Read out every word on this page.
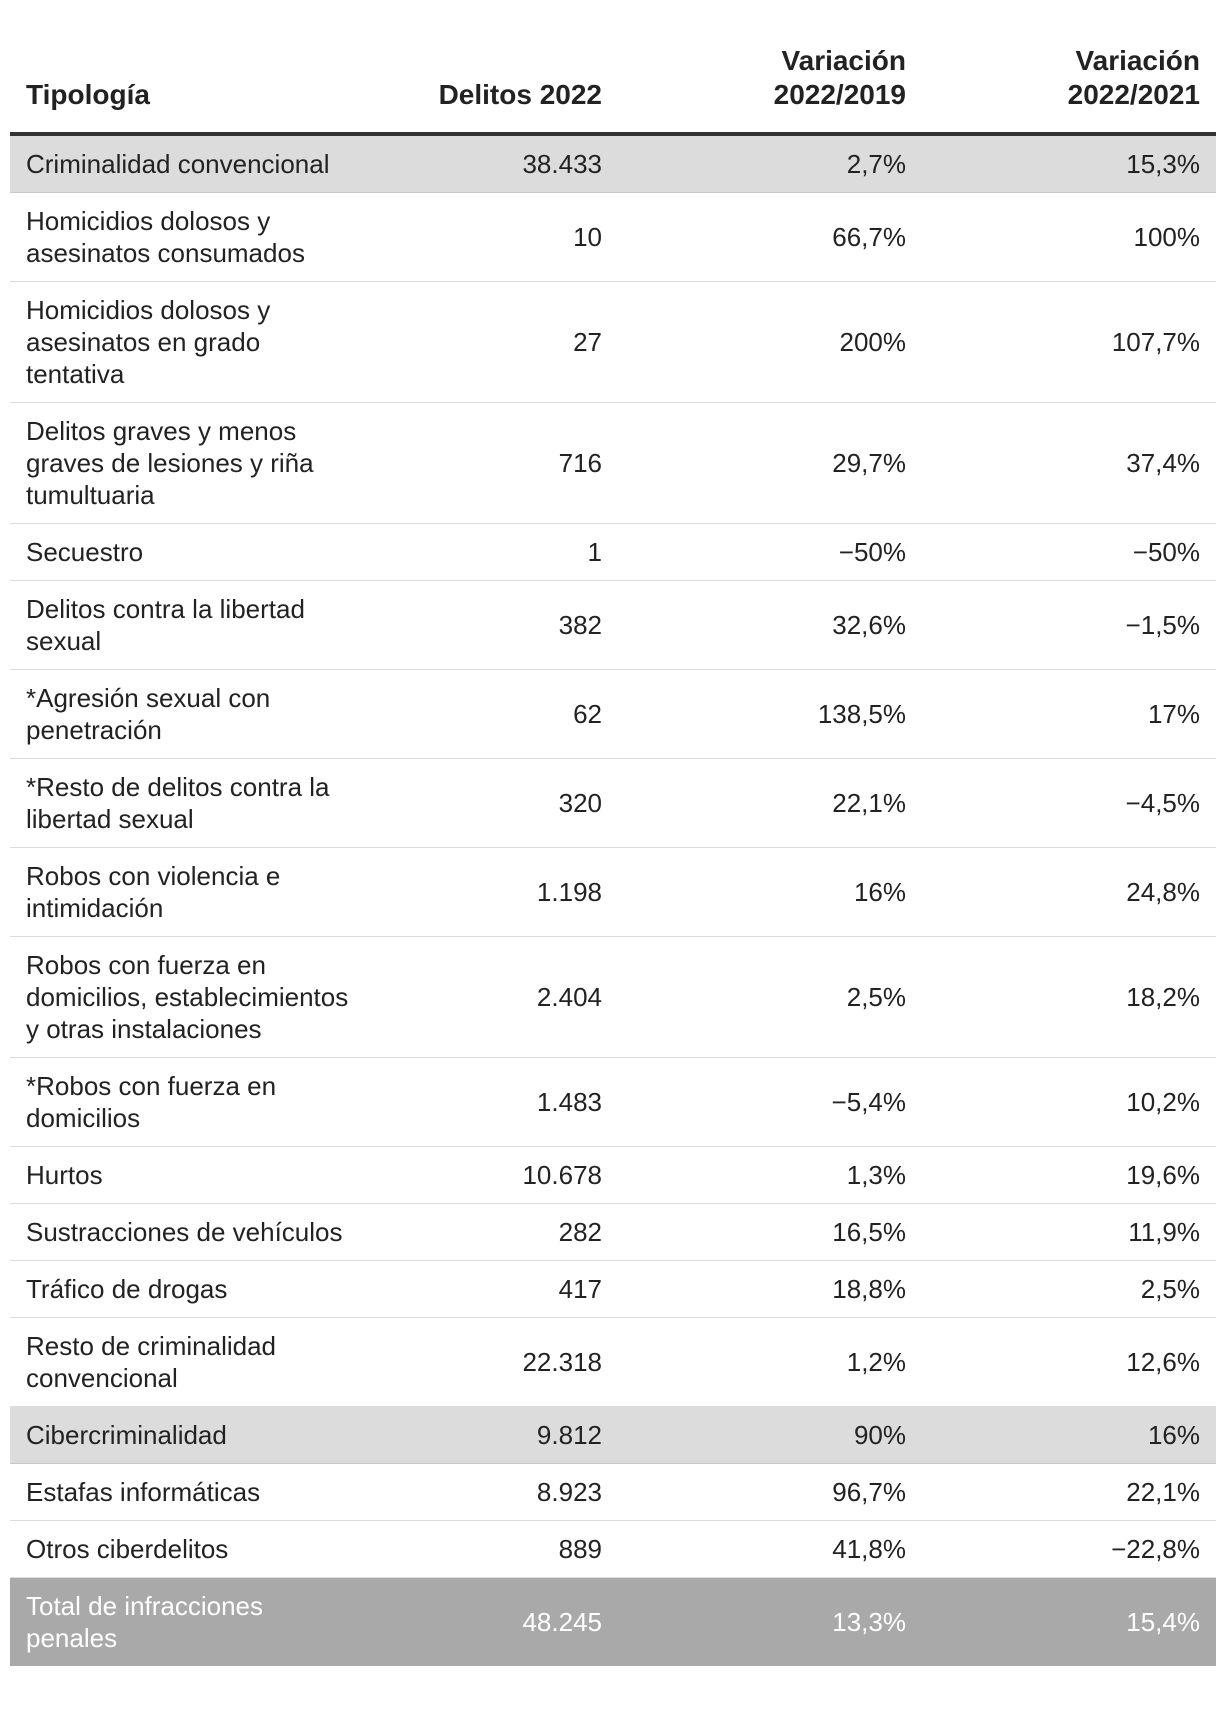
Tipología	Delitos 2022	Variación 2022/2019	Variación 2022/2021
Criminalidad convencional	38.433	2,7%	15,3%
Homicidios dolosos y asesinatos consumados	10	66,7%	100%
Homicidios dolosos y asesinatos en grado tentativa	27	200%	107,7%
Delitos graves y menos graves de lesiones y riña tumultuaria	716	29,7%	37,4%
Secuestro	1	−50%	−50%
Delitos contra la libertad sexual	382	32,6%	−1,5%
*Agresión sexual con penetración	62	138,5%	17%
*Resto de delitos contra la libertad sexual	320	22,1%	−4,5%
Robos con violencia e intimidación	1.198	16%	24,8%
Robos con fuerza en domicilios, establecimientos y otras instalaciones	2.404	2,5%	18,2%
*Robos con fuerza en domicilios	1.483	−5,4%	10,2%
Hurtos	10.678	1,3%	19,6%
Sustracciones de vehículos	282	16,5%	11,9%
Tráfico de drogas	417	18,8%	2,5%
Resto de criminalidad convencional	22.318	1,2%	12,6%
Cibercriminalidad	9.812	90%	16%
Estafas informáticas	8.923	96,7%	22,1%
Otros ciberdelitos	889	41,8%	−22,8%
Total de infracciones penales	48.245	13,3%	15,4%
